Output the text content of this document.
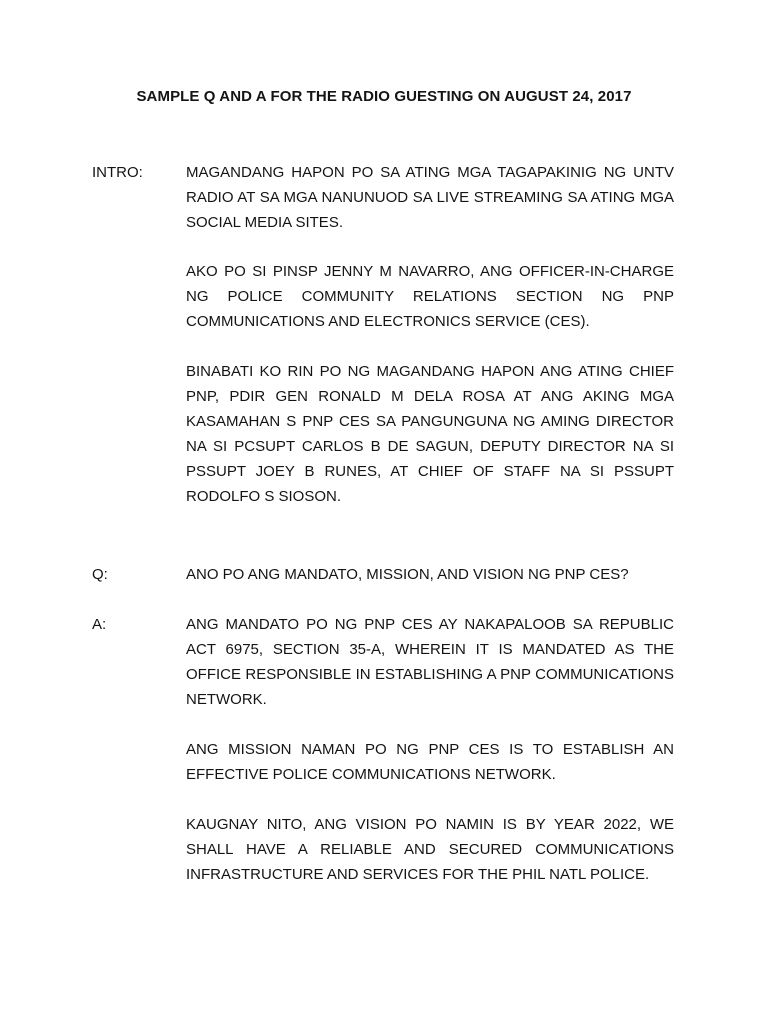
SAMPLE Q AND A FOR THE RADIO GUESTING ON AUGUST 24, 2017
INTRO:	MAGANDANG HAPON PO SA ATING MGA TAGAPAKINIG NG UNTV RADIO AT SA MGA NANUNUOD SA LIVE STREAMING SA ATING MGA SOCIAL MEDIA SITES.
AKO PO SI PINSP JENNY M NAVARRO, ANG OFFICER-IN-CHARGE NG POLICE COMMUNITY RELATIONS SECTION NG PNP COMMUNICATIONS AND ELECTRONICS SERVICE (CES).
BINABATI KO RIN PO NG MAGANDANG HAPON ANG ATING CHIEF PNP, PDIR GEN RONALD M DELA ROSA AT ANG AKING MGA KASAMAHAN S PNP CES SA PANGUNGUNA NG AMING DIRECTOR NA SI PCSUPT CARLOS B DE SAGUN, DEPUTY DIRECTOR NA SI PSSUPT JOEY B RUNES, AT CHIEF OF STAFF NA SI PSSUPT RODOLFO S SIOSON.
Q:	ANO PO ANG MANDATO, MISSION, AND VISION NG PNP CES?
A:	ANG MANDATO PO NG PNP CES AY NAKAPALOOB SA REPUBLIC ACT 6975, SECTION 35-A, WHEREIN IT IS MANDATED AS THE OFFICE RESPONSIBLE IN ESTABLISHING A PNP COMMUNICATIONS NETWORK.
ANG MISSION NAMAN PO NG PNP CES IS TO ESTABLISH AN EFFECTIVE POLICE COMMUNICATIONS NETWORK.
KAUGNAY NITO, ANG VISION PO NAMIN IS BY YEAR 2022, WE SHALL HAVE A RELIABLE AND SECURED COMMUNICATIONS INFRASTRUCTURE AND SERVICES FOR THE PHIL NATL POLICE.
